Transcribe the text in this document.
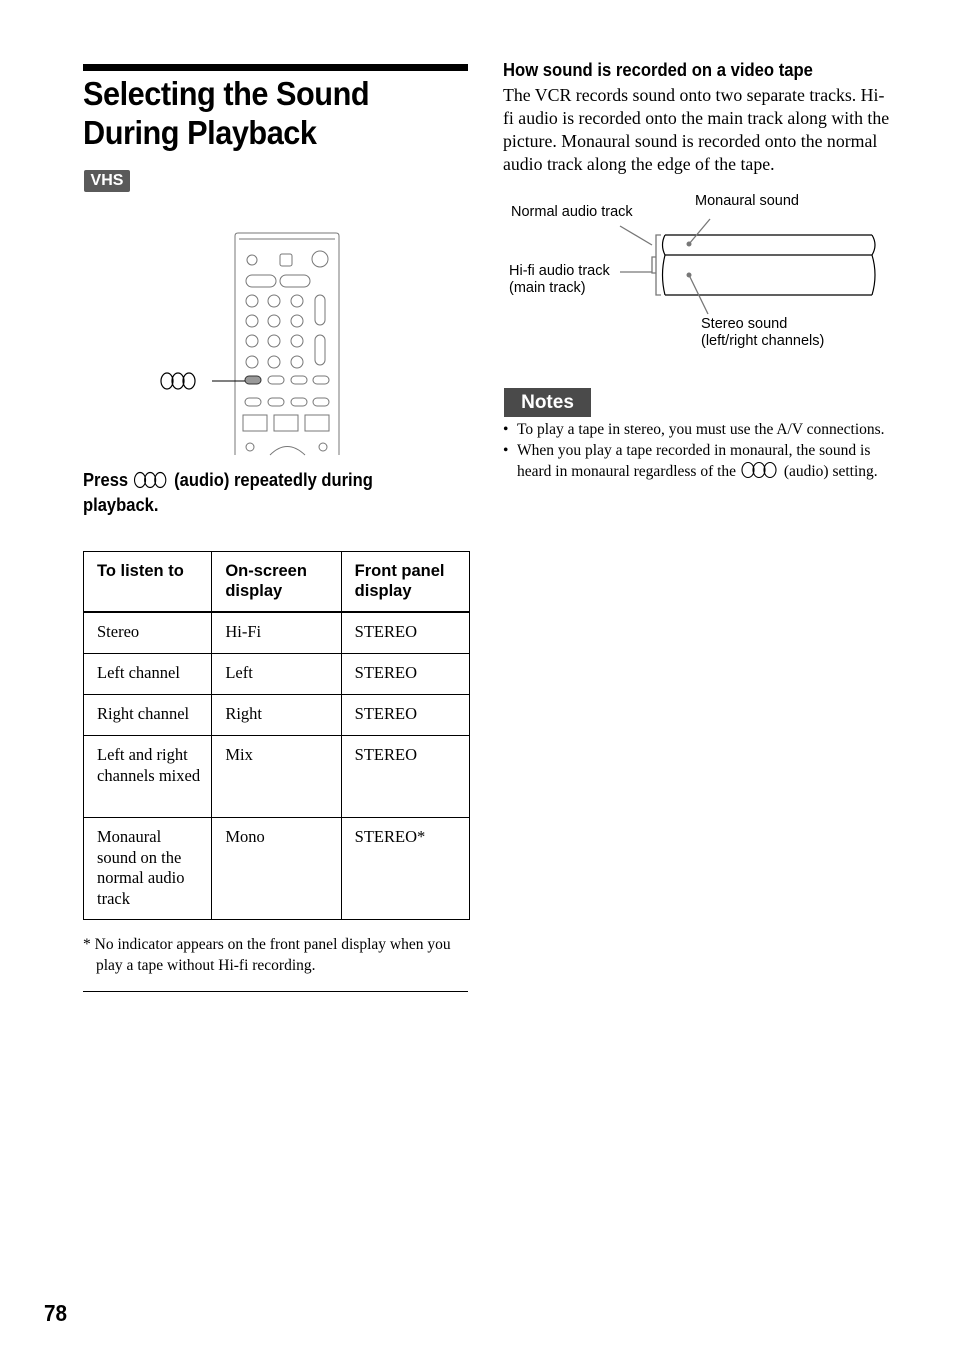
Selecting the Sound During Playback
VHS
Press	(audio) repeatedly during playback.
To listen to	On-screen display	Front panel display
Stereo	Hi-Fi	STEREO
Left channel	Left	STEREO
Right channel	Right	STEREO
Left and right channels mixed	Mix	STEREO
Monaural sound on the normal audio track	Mono	STEREO*
* No indicator appears on the front panel display when you play a tape without Hi-fi recording.
How sound is recorded on a video tape
The VCR records sound onto two separate tracks. Hi-fi audio is recorded onto the main track along with the picture. Monaural sound is recorded onto the normal audio track along the edge of the tape.
Normal audio track
Monaural sound
Hi-fi audio track
(main track)
Stereo sound
(left/right channels)
Notes
• To play a tape in stereo, you must use the A/V connections.
• When you play a tape recorded in monaural, the sound is heard in monaural regardless of the	(audio) setting.
78
